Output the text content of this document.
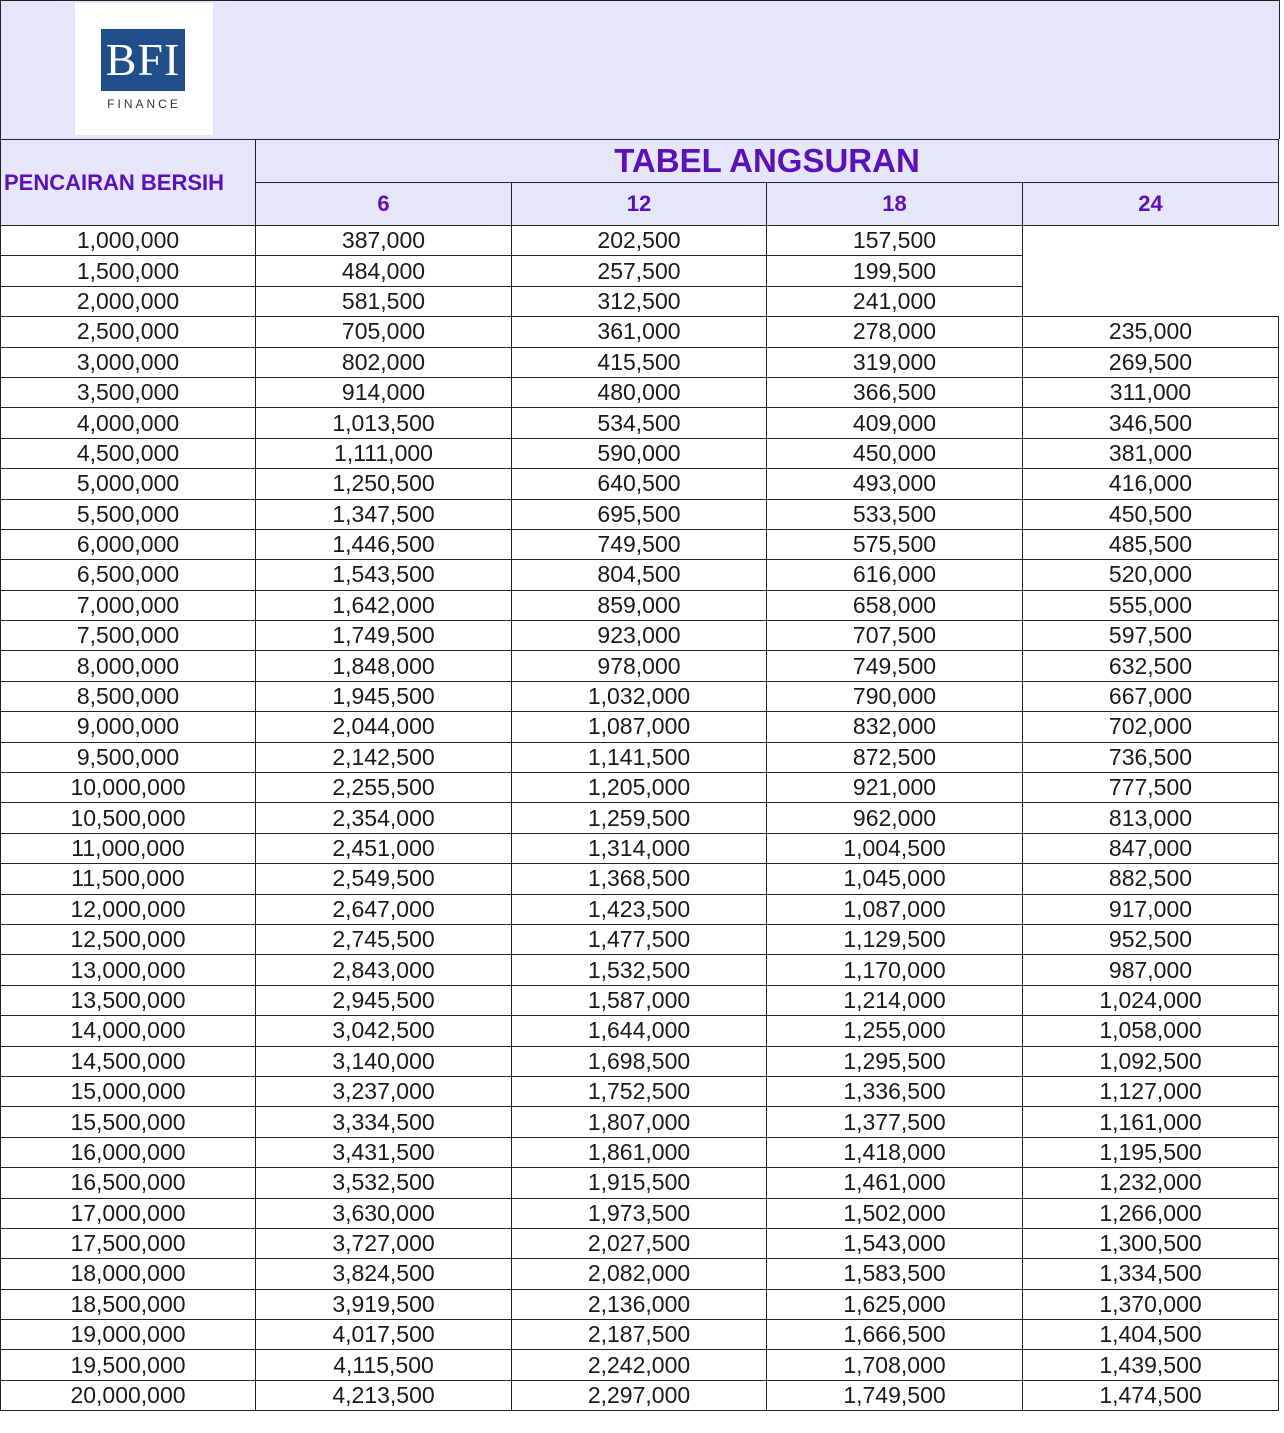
BFI
FINANCE
PENCAIRAN BERSIH	TABEL ANGSURAN			
	6	12	18	24
1,000,000	387,000	202,500	157,500	
1,500,000	484,000	257,500	199,500	
2,000,000	581,500	312,500	241,000	
2,500,000	705,000	361,000	278,000	235,000
3,000,000	802,000	415,500	319,000	269,500
3,500,000	914,000	480,000	366,500	311,000
4,000,000	1,013,500	534,500	409,000	346,500
4,500,000	1,111,000	590,000	450,000	381,000
5,000,000	1,250,500	640,500	493,000	416,000
5,500,000	1,347,500	695,500	533,500	450,500
6,000,000	1,446,500	749,500	575,500	485,500
6,500,000	1,543,500	804,500	616,000	520,000
7,000,000	1,642,000	859,000	658,000	555,000
7,500,000	1,749,500	923,000	707,500	597,500
8,000,000	1,848,000	978,000	749,500	632,500
8,500,000	1,945,500	1,032,000	790,000	667,000
9,000,000	2,044,000	1,087,000	832,000	702,000
9,500,000	2,142,500	1,141,500	872,500	736,500
10,000,000	2,255,500	1,205,000	921,000	777,500
10,500,000	2,354,000	1,259,500	962,000	813,000
11,000,000	2,451,000	1,314,000	1,004,500	847,000
11,500,000	2,549,500	1,368,500	1,045,000	882,500
12,000,000	2,647,000	1,423,500	1,087,000	917,000
12,500,000	2,745,500	1,477,500	1,129,500	952,500
13,000,000	2,843,000	1,532,500	1,170,000	987,000
13,500,000	2,945,500	1,587,000	1,214,000	1,024,000
14,000,000	3,042,500	1,644,000	1,255,000	1,058,000
14,500,000	3,140,000	1,698,500	1,295,500	1,092,500
15,000,000	3,237,000	1,752,500	1,336,500	1,127,000
15,500,000	3,334,500	1,807,000	1,377,500	1,161,000
16,000,000	3,431,500	1,861,000	1,418,000	1,195,500
16,500,000	3,532,500	1,915,500	1,461,000	1,232,000
17,000,000	3,630,000	1,973,500	1,502,000	1,266,000
17,500,000	3,727,000	2,027,500	1,543,000	1,300,500
18,000,000	3,824,500	2,082,000	1,583,500	1,334,500
18,500,000	3,919,500	2,136,000	1,625,000	1,370,000
19,000,000	4,017,500	2,187,500	1,666,500	1,404,500
19,500,000	4,115,500	2,242,000	1,708,000	1,439,500
20,000,000	4,213,500	2,297,000	1,749,500	1,474,500
